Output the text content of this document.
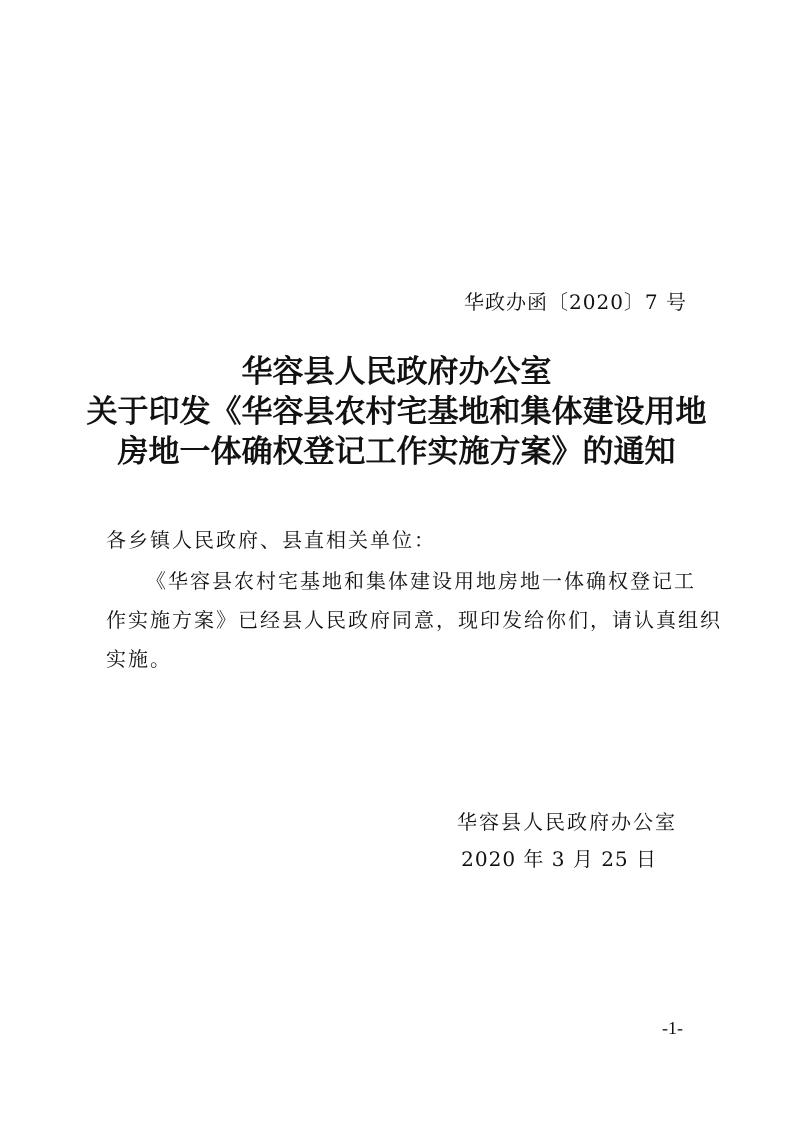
华政办函〔2020〕7 号
华容县人民政府办公室
关于印发《华容县农村宅基地和集体建设用地
房地一体确权登记工作实施方案》的通知
各乡镇人民政府、县直相关单位：
《华容县农村宅基地和集体建设用地房地一体确权登记工
作实施方案》已经县人民政府同意，现印发给你们，请认真组织
实施。
华容县人民政府办公室
2020 年 3 月 25 日
-1-
